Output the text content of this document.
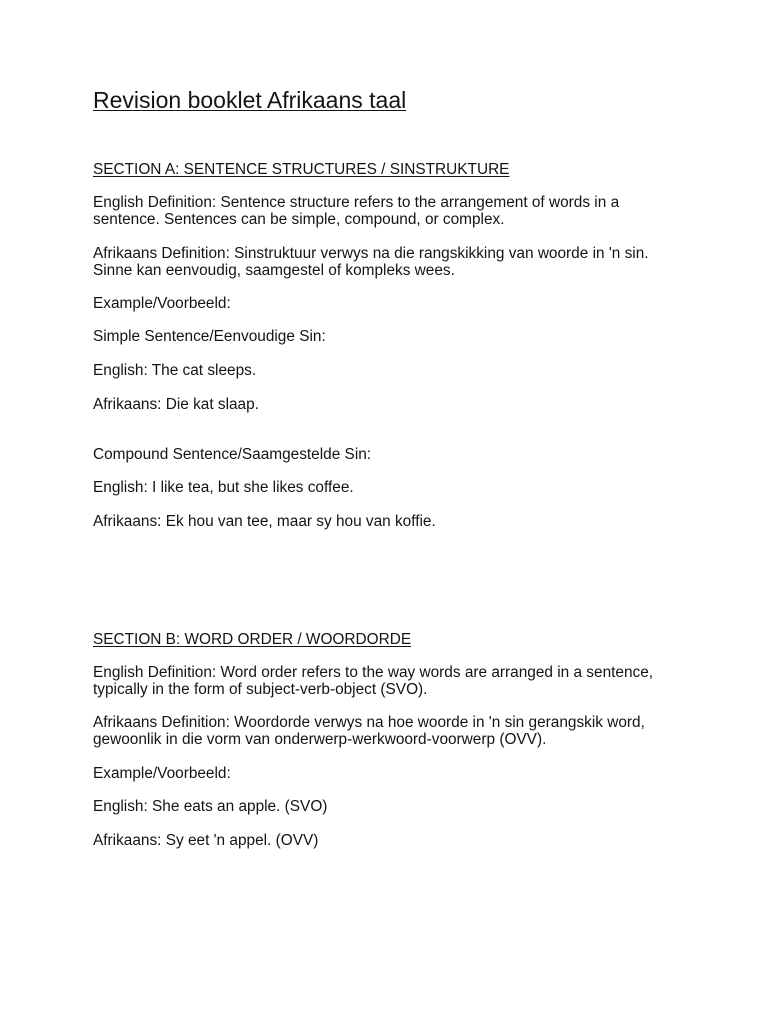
Revision booklet Afrikaans taal

SECTION A: SENTENCE STRUCTURES / SINSTRUKTURE

English Definition: Sentence structure refers to the arrangement of words in a sentence. Sentences can be simple, compound, or complex.

Afrikaans Definition: Sinstruktuur verwys na die rangskikking van woorde in 'n sin. Sinne kan eenvoudig, saamgestel of kompleks wees.

Example/Voorbeeld:

Simple Sentence/Eenvoudige Sin:

English: The cat sleeps.

Afrikaans: Die kat slaap.

Compound Sentence/Saamgestelde Sin:

English: I like tea, but she likes coffee.

Afrikaans: Ek hou van tee, maar sy hou van koffie.

SECTION B: WORD ORDER / WOORDORDE

English Definition: Word order refers to the way words are arranged in a sentence, typically in the form of subject-verb-object (SVO).

Afrikaans Definition: Woordorde verwys na hoe woorde in 'n sin gerangskik word, gewoonlik in die vorm van onderwerp-werkwoord-voorwerp (OVV).

Example/Voorbeeld:

English: She eats an apple. (SVO)

Afrikaans: Sy eet 'n appel. (OVV)
